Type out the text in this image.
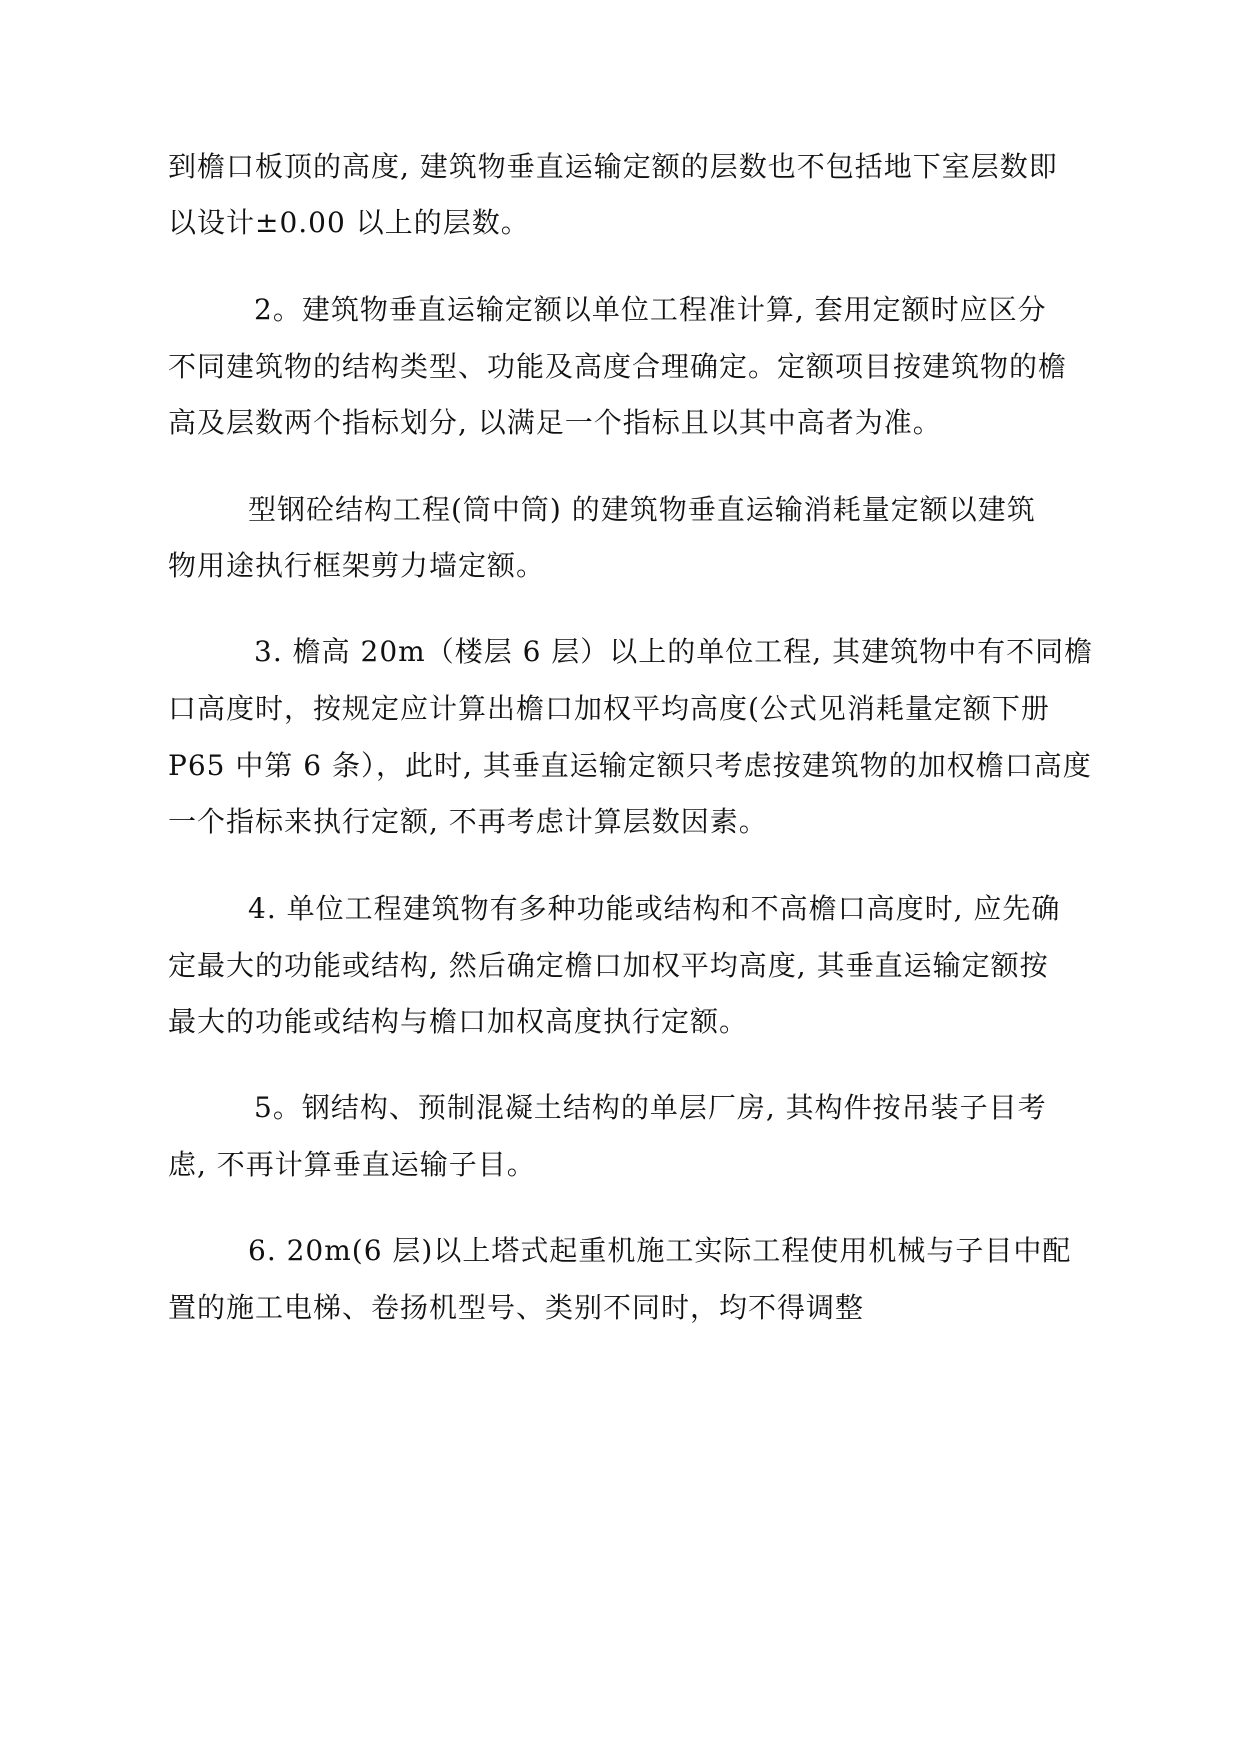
到檐口板顶的高度, 建筑物垂直运输定额的层数也不包括地下室层数即

以设计±0.00 以上的层数。

2。建筑物垂直运输定额以单位工程准计算, 套用定额时应区分

不同建筑物的结构类型、功能及高度合理确定。定额项目按建筑物的檐

高及层数两个指标划分, 以满足一个指标且以其中高者为准。

型钢砼结构工程(筒中筒) 的建筑物垂直运输消耗量定额以建筑

物用途执行框架剪力墙定额。

3. 檐高 20m（楼层 6 层）以上的单位工程, 其建筑物中有不同檐

口高度时，按规定应计算出檐口加权平均高度(公式见消耗量定额下册

P65 中第 6 条），此时, 其垂直运输定额只考虑按建筑物的加权檐口高度

一个指标来执行定额, 不再考虑计算层数因素。

4. 单位工程建筑物有多种功能或结构和不高檐口高度时, 应先确

定最大的功能或结构, 然后确定檐口加权平均高度, 其垂直运输定额按

最大的功能或结构与檐口加权高度执行定额。

5。钢结构、预制混凝土结构的单层厂房, 其构件按吊装子目考

虑, 不再计算垂直运输子目。

6. 20m(6 层)以上塔式起重机施工实际工程使用机械与子目中配

置的施工电梯、卷扬机型号、类别不同时，均不得调整
